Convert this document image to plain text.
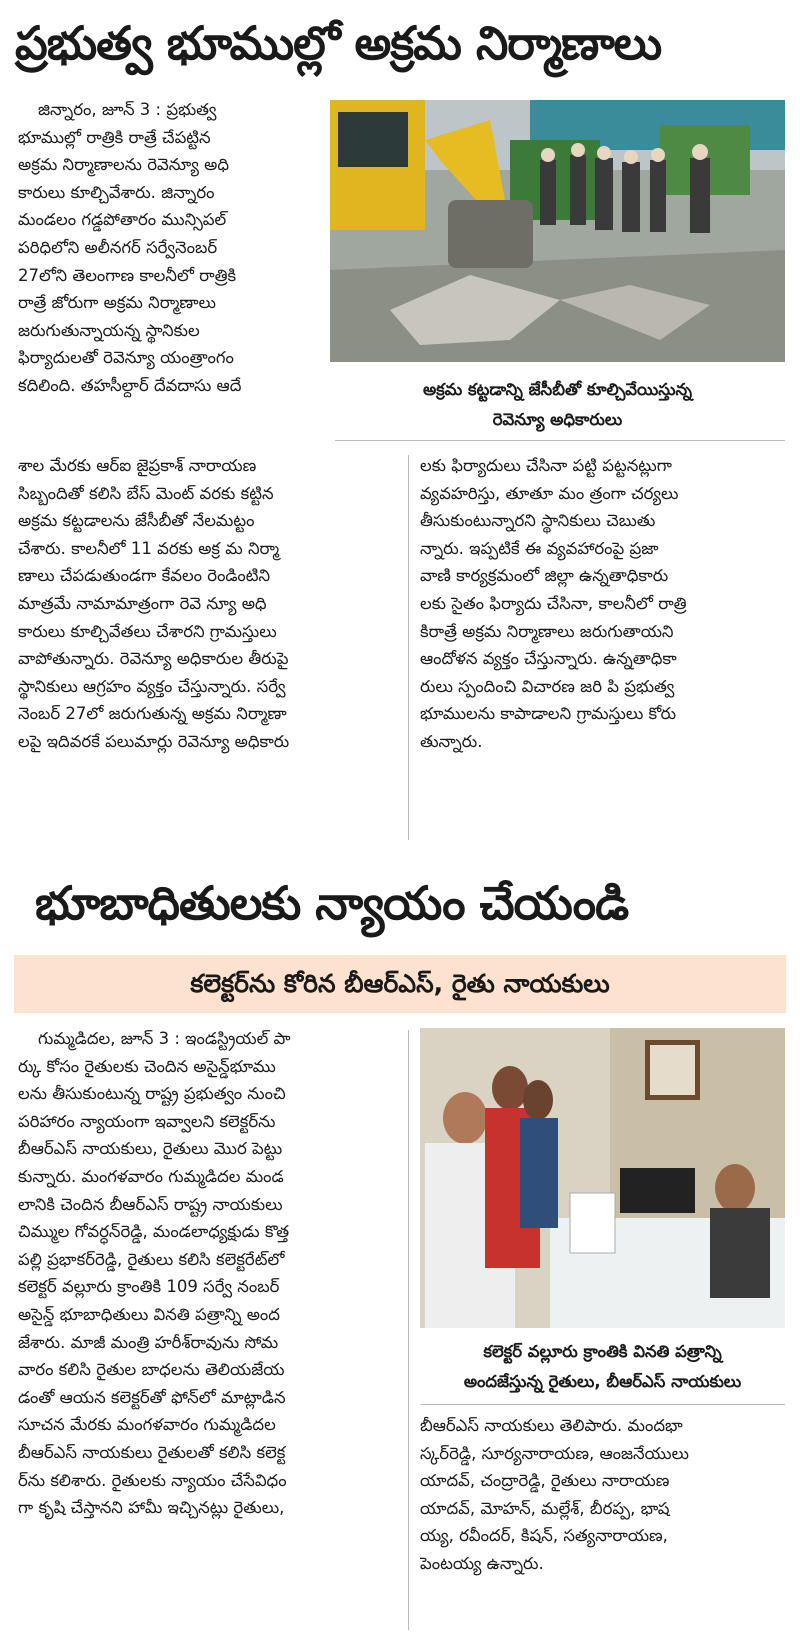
ప్రభుత్వ భూముల్లో అక్రమ నిర్మాణాలు
జిన్నారం, జూన్ 3 : ప్రభుత్వ
భూముల్లో రాత్రికి రాత్రే చేపట్టిన
అక్రమ నిర్మాణాలను రెవెన్యూ అధి
కారులు కూల్చివేశారు. జిన్నారం
మండలం గడ్డపోతారం మున్సిపల్
పరిధిలోని అలీనగర్ సర్వేనెంబర్
27లోని తెలంగాణ కాలనీలో రాత్రికి
రాత్రే జోరుగా అక్రమ నిర్మాణాలు
జరుగుతున్నాయన్న స్థానికుల
ఫిర్యాదులతో రెవెన్యూ యంత్రాంగం
కదిలింది. తహసీల్దార్ దేవదాసు ఆదే	అక్రమ కట్టడాన్ని జేసీబీతో కూల్చివేయిస్తున్న
రెవెన్యూ అధికారులు
శాల మేరకు ఆర్ఐ జైప్రకాశ్ నారాయణ
సిబ్బందితో కలిసి బేస్ మెంట్ వరకు కట్టిన
అక్రమ కట్టడాలను జేసీబీతో నేలమట్టం
చేశారు. కాలనీలో 11 వరకు అక్ర మ నిర్మా
ణాలు చేపడుతుండగా కేవలం రెండింటిని
మాత్రమే నామామాత్రంగా రెవె న్యూ అధి
కారులు కూల్చివేతలు చేశారని గ్రామస్తులు
వాపోతున్నారు. రెవెన్యూ అధికారుల తీరుపై
స్థానికులు ఆగ్రహం వ్యక్తం చేస్తున్నారు. సర్వే
నెంబర్ 27లో జరుగుతున్న అక్రమ నిర్మాణా
లపై ఇదివరకే పలుమార్లు రెవెన్యూ అధికారు
లకు ఫిర్యాదులు చేసినా పట్టి పట్టనట్లుగా
వ్యవహరిస్తు, తూతూ మం త్రంగా చర్యలు
తీసుకుంటున్నారని స్థానికులు చెబుతు
న్నారు. ఇప్పటికే ఈ వ్యవహారంపై ప్రజా
వాణి కార్యక్రమంలో జిల్లా ఉన్నతాధికారు
లకు సైతం ఫిర్యాదు చేసినా, కాలనీలో రాత్రి
కిరాత్రే అక్రమ నిర్మాణాలు జరుగుతాయని
ఆందోళన వ్యక్తం చేస్తున్నారు. ఉన్నతాధికా
రులు స్పందించి విచారణ జరి పి ప్రభుత్వ
భూములను కాపాడాలని గ్రామస్తులు కోరు
తున్నారు.
భూబాధితులకు న్యాయం చేయండి
కలెక్టర్‌ను కోరిన బీఆర్ఎస్, రైతు నాయకులు
గుమ్మడిదల, జూన్ 3 : ఇండస్ట్రియల్ పా
ర్కు కోసం రైతులకు చెందిన అసైన్డ్‌భూము
లను తీసుకుంటున్న రాష్ట్ర ప్రభుత్వం నుంచి
పరిహారం న్యాయంగా ఇవ్వాలని కలెక్టర్‌ను
బీఆర్ఎస్ నాయకులు, రైతులు మొర పెట్టు
కున్నారు. మంగళవారం గుమ్మడిదల మండ
లానికి చెందిన బీఆర్ఎస్ రాష్ట్ర నాయకులు
చిమ్ముల గోవర్ధన్‌రెడ్డి, మండలాధ్యక్షుడు కొత్త
పల్లి ప్రభాకర్‌రెడ్డి, రైతులు కలిసి కలెక్టరేట్‌లో
కలెక్టర్ వల్లూరు క్రాంతికి 109 సర్వే నంబర్
అసైన్డ్ భూబాధితులు వినతి పత్రాన్ని అంద
జేశారు. మాజీ మంత్రి హరీశ్‌రావును సోమ
వారం కలిసి రైతుల బాధలను తెలియజేయ
డంతో ఆయన కలెక్టర్‌తో ఫోన్‌లో మాట్లాడిన
సూచన మేరకు మంగళవారం గుమ్మడిదల
బీఆర్ఎస్ నాయకులు రైతులతో కలిసి కలెక్ట
ర్‌ను కలిశారు. రైతులకు న్యాయం చేసేవిధం
గా కృషి చేస్తానని హామీ ఇచ్చినట్లు రైతులు,
కలెక్టర్ వల్లూరు క్రాంతికి వినతి పత్రాన్ని
అందజేస్తున్న రైతులు, బీఆర్ఎస్ నాయకులు
బీఆర్ఎస్ నాయకులు తెలిపారు. మందభా
స్కర్‌రెడ్డి, సూర్యనారాయణ, ఆంజనేయులు
యాదవ్, చంద్రారెడ్డి, రైతులు నారాయణ
యాదవ్, మోహన్, మల్లేశ్, బీరప్ప, భాష
య్య, రవీందర్, కిషన్, సత్యనారాయణ,
పెంటయ్య ఉన్నారు.
